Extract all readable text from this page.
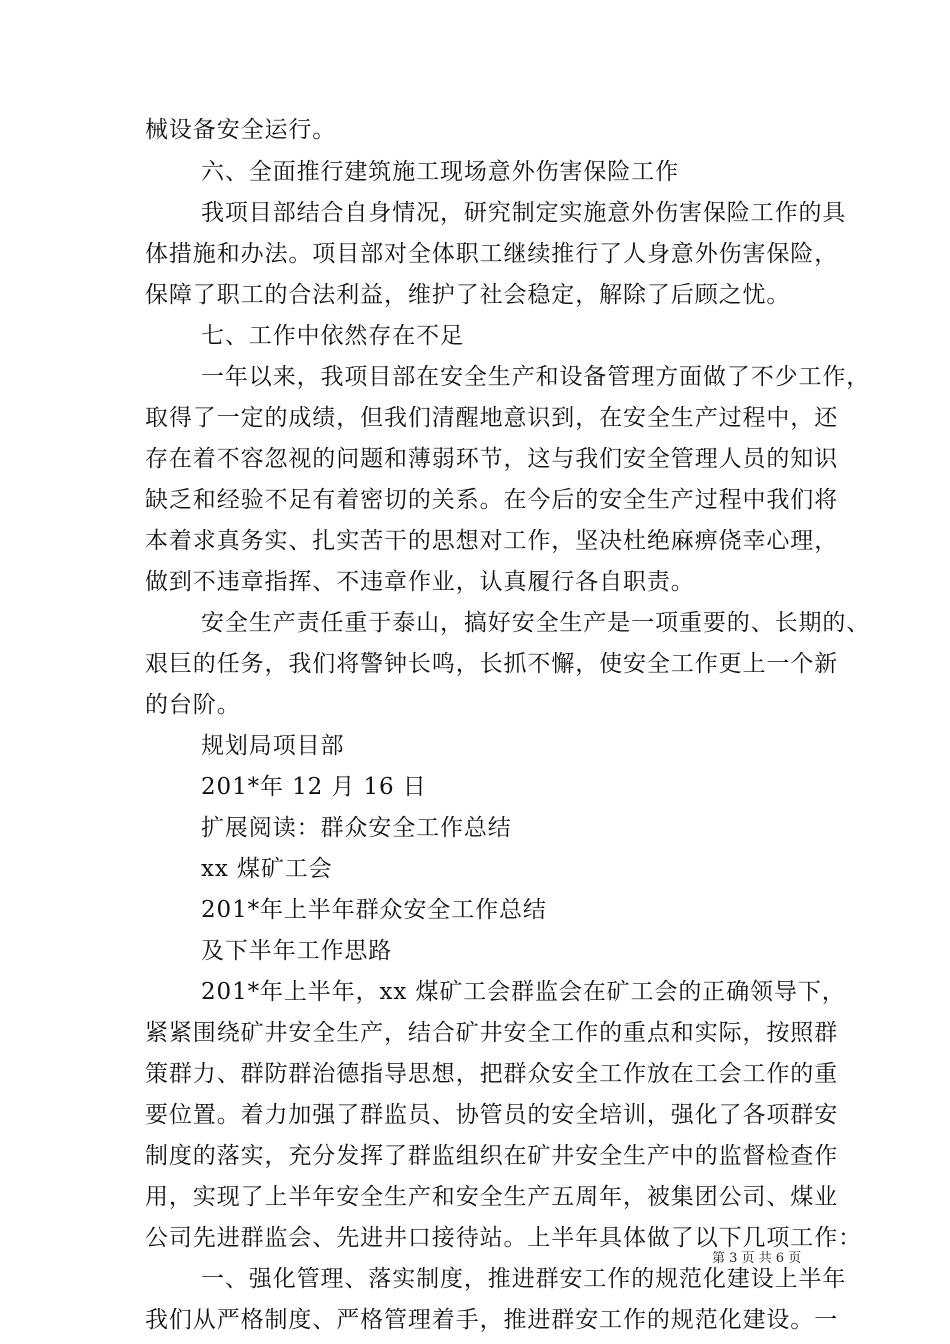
械设备安全运行。
六、全面推行建筑施工现场意外伤害保险工作
我项目部结合自身情况，研究制定实施意外伤害保险工作的具
体措施和办法。项目部对全体职工继续推行了人身意外伤害保险，
保障了职工的合法利益，维护了社会稳定，解除了后顾之忧。
七、工作中依然存在不足
一年以来，我项目部在安全生产和设备管理方面做了不少工作，
取得了一定的成绩，但我们清醒地意识到，在安全生产过程中，还
存在着不容忽视的问题和薄弱环节，这与我们安全管理人员的知识
缺乏和经验不足有着密切的关系。在今后的安全生产过程中我们将
本着求真务实、扎实苦干的思想对工作，坚决杜绝麻痹侥幸心理，
做到不违章指挥、不违章作业，认真履行各自职责。
安全生产责任重于泰山，搞好安全生产是一项重要的、长期的、
艰巨的任务，我们将警钟长鸣，长抓不懈，使安全工作更上一个新
的台阶。
规划局项目部
201*年 12 月 16 日
扩展阅读：群众安全工作总结
xx 煤矿工会
201*年上半年群众安全工作总结
及下半年工作思路
201*年上半年，xx 煤矿工会群监会在矿工会的正确领导下，
紧紧围绕矿井安全生产，结合矿井安全工作的重点和实际，按照群
策群力、群防群治德指导思想，把群众安全工作放在工会工作的重
要位置。着力加强了群监员、协管员的安全培训，强化了各项群安
制度的落实，充分发挥了群监组织在矿井安全生产中的监督检查作
用，实现了上半年安全生产和安全生产五周年，被集团公司、煤业
公司先进群监会、先进井口接待站。上半年具体做了以下几项工作：
一、强化管理、落实制度，推进群安工作的规范化建设上半年
我们从严格制度、严格管理着手，推进群安工作的规范化建设。一
第 3 页 共 6 页
